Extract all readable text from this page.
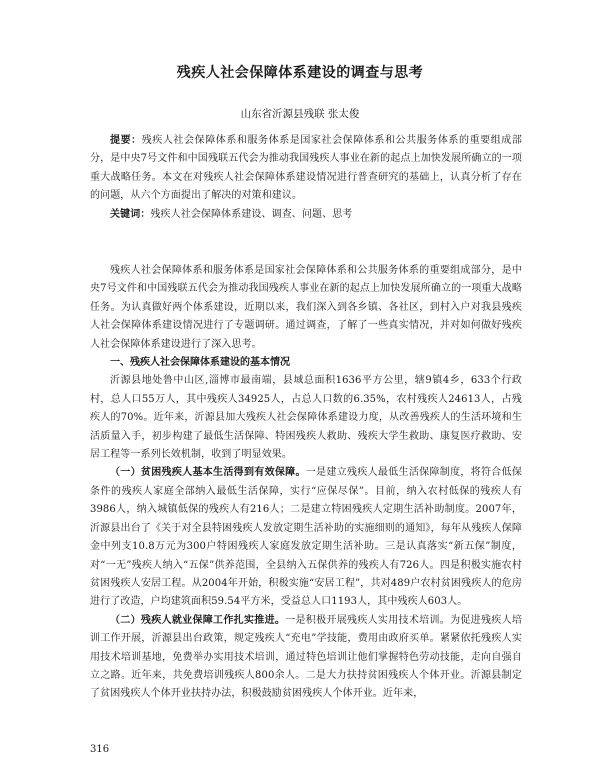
残疾人社会保障体系建设的调查与思考
山东省沂源县残联 张太俊

提要：残疾人社会保障体系和服务体系是国家社会保障体系和公共服务体系的重要组成部分，是中央7号文件和中国残联五代会为推动我国残疾人事业在新的起点上加快发展所确立的一项重大战略任务。本文在对残疾人社会保障体系建设情况进行普查研究的基础上，认真分析了存在的问题，从六个方面提出了解决的对策和建议。

关键词：残疾人社会保障体系建设、调查、问题、思考

残疾人社会保障体系和服务体系是国家社会保障体系和公共服务体系的重要组成部分，是中央7号文件和中国残联五代会为推动我国残疾人事业在新的起点上加快发展所确立的一项重大战略任务。为认真做好两个体系建设，近期以来，我们深入到各乡镇、各社区，到村入户对我县残疾人社会保障体系建设情况进行了专题调研。通过调查，了解了一些真实情况，并对如何做好残疾人社会保障体系建设进行了深入思考。

一、残疾人社会保障体系建设的基本情况

沂源县地处鲁中山区,淄博市最南端，县域总面积1636平方公里，辖9镇4乡，633个行政村，总人口55万人，其中残疾人34925人，占总人口数的6.35%，农村残疾人24613人，占残疾人的70%。近年来，沂源县加大残疾人社会保障体系建设力度，从改善残疾人的生活环境和生活质量入手，初步构建了最低生活保障、特困残疾人救助、残疾大学生救助、康复医疗救助、安居工程等一系列长效机制，收到了明显效果。

（一）贫困残疾人基本生活得到有效保障。一是建立残疾人最低生活保障制度，将符合低保条件的残疾人家庭全部纳入最低生活保障，实行“应保尽保”。目前，纳入农村低保的残疾人有3986人，纳入城镇低保的残疾人有216人；二是建立特困残疾人定期生活补助制度。2007年，沂源县出台了《关于对全县特困残疾人发放定期生活补助的实施细则的通知》，每年从残疾人保障金中列支10.8万元为300户特困残疾人家庭发放定期生活补助。三是认真落实“新五保”制度，对“一无”残疾人纳入“五保”供养范围，全县纳入五保供养的残疾人有726人。四是积极实施农村贫困残疾人安居工程。从2004年开始，积极实施“安居工程”，共对489户农村贫困残疾人的危房进行了改造，户均建筑面积59.54平方米，受益总人口1193人，其中残疾人603人。

（二）残疾人就业保障工作扎实推进。一是积极开展残疾人实用技术培训。为促进残疾人培训工作开展，沂源县出台政策，规定残疾人“充电”学技能，费用由政府买单。紧紧依托残疾人实用技术培训基地，免费举办实用技术培训，通过特色培训让他们掌握特色劳动技能，走向自强自立之路。近年来，共免费培训残疾人800余人。二是大力扶持贫困残疾人个体开业。沂源县制定了贫困残疾人个体开业扶持办法，积极鼓励贫困残疾人个体开业。近年来，

316
